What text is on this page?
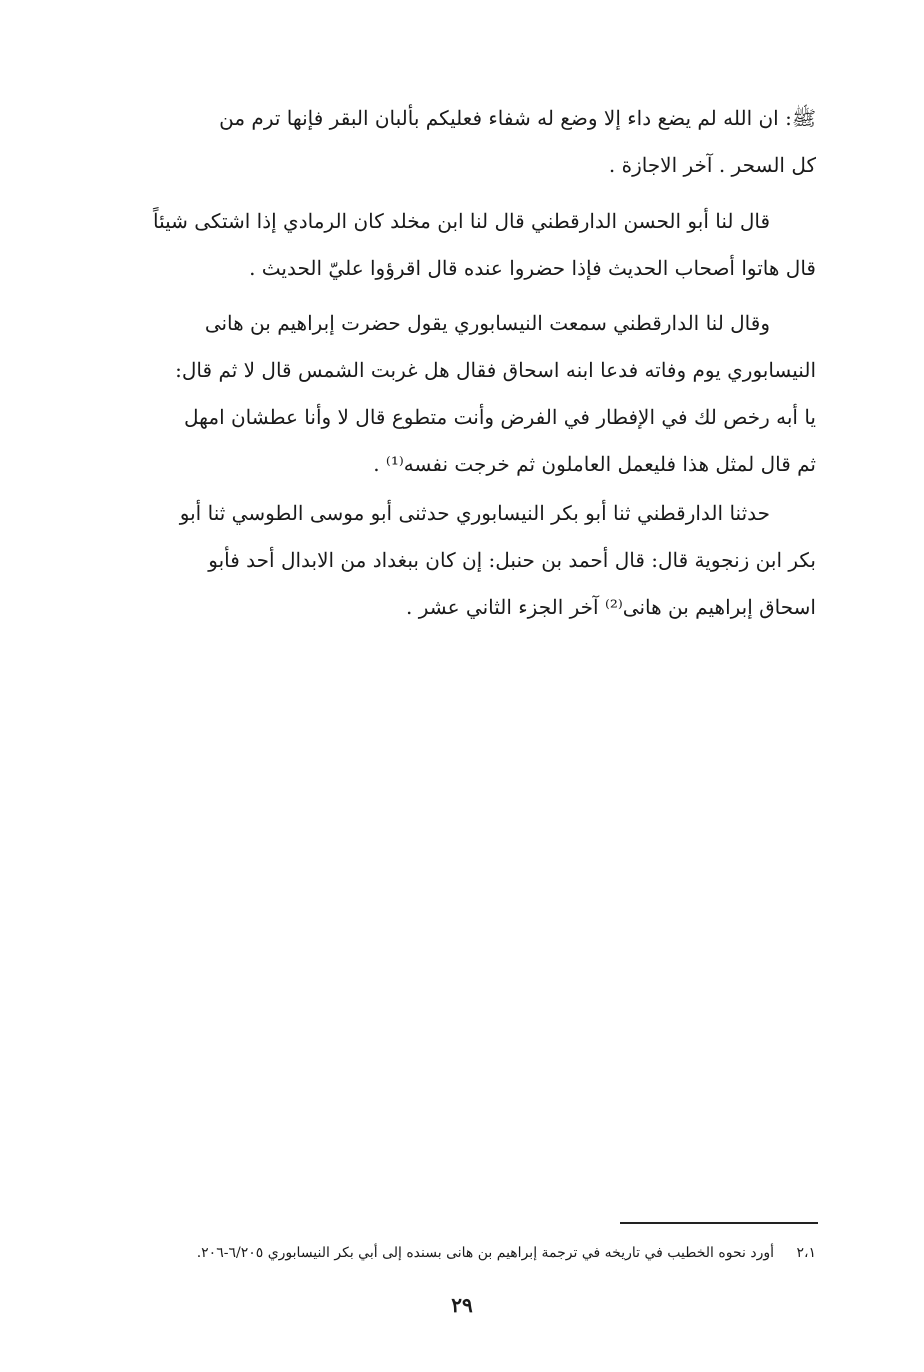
ﷺ: ان الله لم يضع داء إلا وضع له شفاء فعليكم بألبان البقر فإنها ترم من
كل السحر . آخر الاجازة .
قال لنا أبو الحسن الدارقطني قال لنا ابن مخلد كان الرمادي إذا اشتكى شيئاً
قال هاتوا أصحاب الحديث فإذا حضروا عنده قال اقرؤوا عليّ الحديث .
وقال لنا الدارقطني سمعت النيسابوري يقول حضرت إبراهيم بن هانى
النيسابوري يوم وفاته فدعا ابنه اسحاق فقال هل غربت الشمس قال لا ثم قال:
يا أبه رخص لك في الإفطار في الفرض وأنت متطوع قال لا وأنا عطشان امهل
ثم قال لمثل هذا فليعمل العاملون ثم خرجت نفسه⁽¹⁾ .
حدثنا الدارقطني ثنا أبو بكر النيسابوري حدثنى أبو موسى الطوسي ثنا أبو
بكر ابن زنجوية قال: قال أحمد بن حنبل: إن كان ببغداد من الابدال أحد فأبو
اسحاق إبراهيم بن هانى⁽²⁾ آخر الجزء الثاني عشر .
٢،١ أورد نحوه الخطيب في تاريخه في ترجمة إبراهيم بن هانى بسنده إلى أبي بكر النيسابوري ٦/٢٠٥-٢٠٦.
٢٩
